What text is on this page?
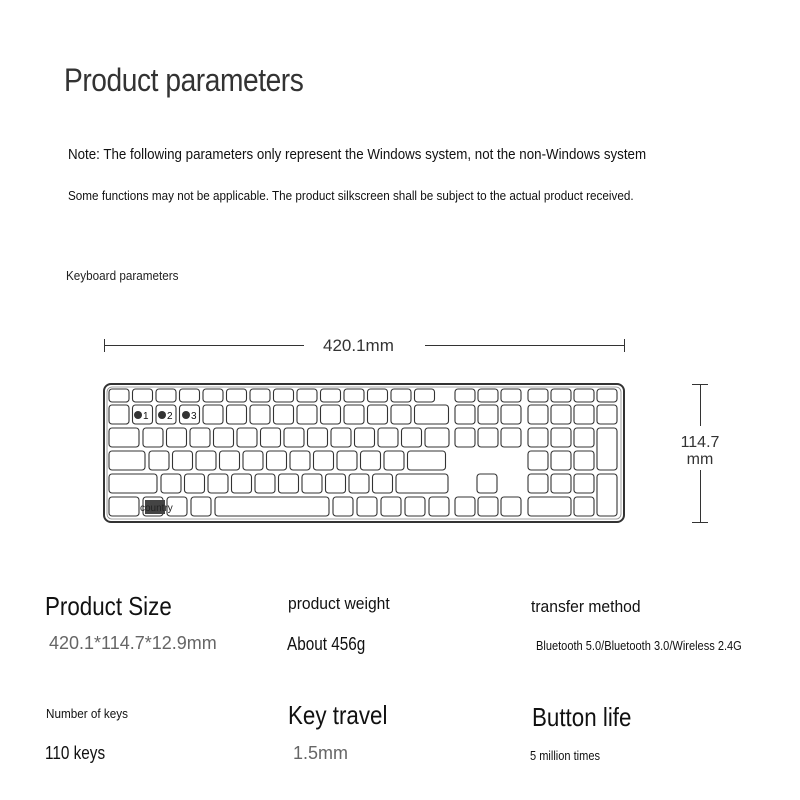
Product parameters
Note: The following parameters only represent the Windows system, not the non-Windows system
Some functions may not be applicable. The product silkscreen shall be subject to the actual product received.
Keyboard parameters
420.1mm
114.7
mm
1 2 3
country
Product Size
420.1*114.7*12.9mm
product weight
About 456g
transfer method
Bluetooth 5.0/Bluetooth 3.0/Wireless 2.4G
Number of keys
110 keys
Key travel
1.5mm
Button life
5 million times
